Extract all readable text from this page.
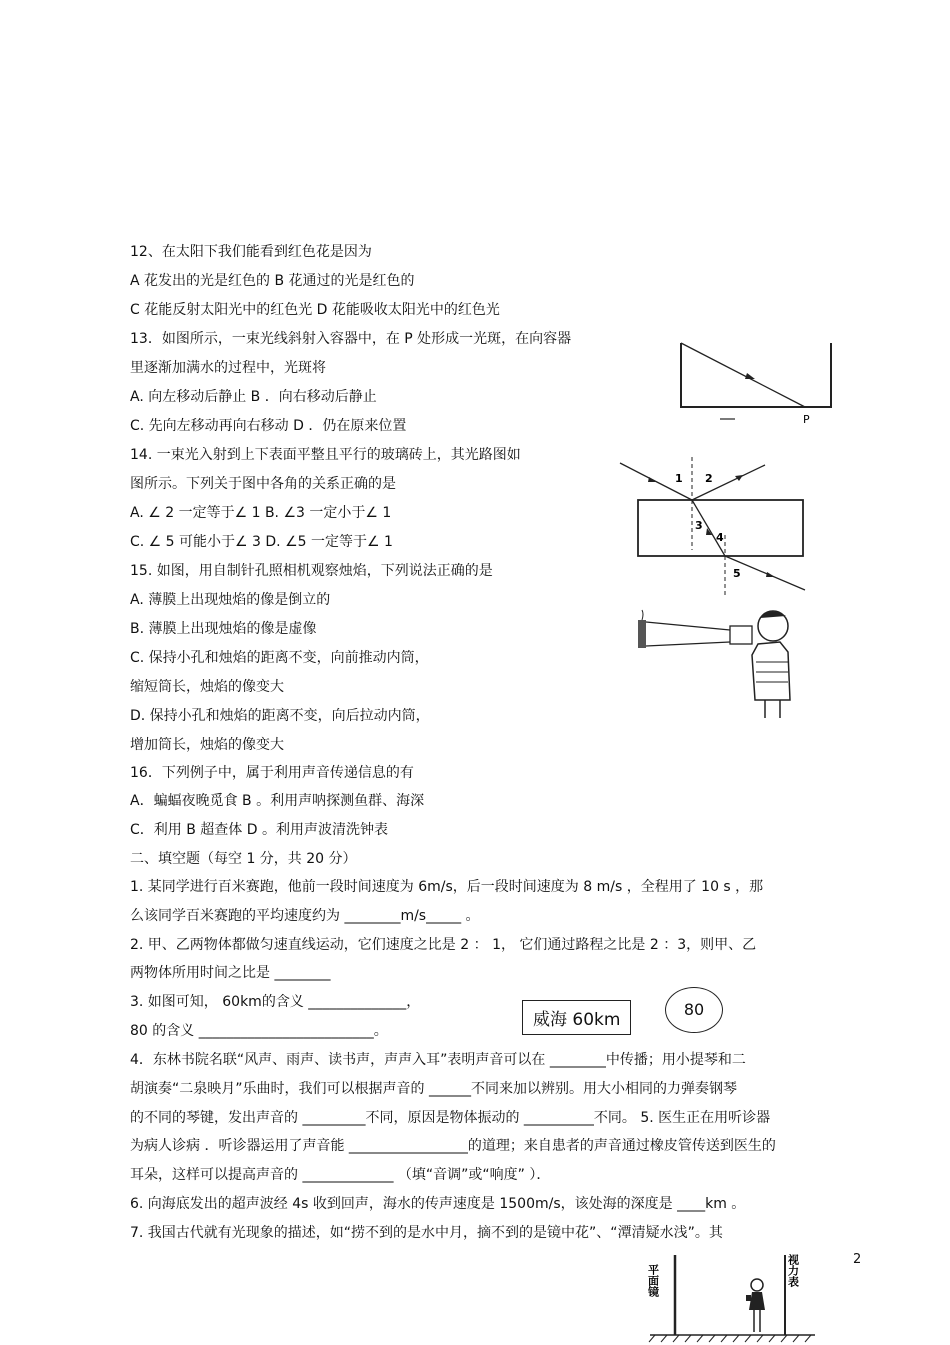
12、在太阳下我们能看到红色花是因为
A 花发出的光是红色的 B 花通过的光是红色的
C 花能反射太阳光中的红色光 D 花能吸收太阳光中的红色光
13．如图所示，一束光线斜射入容器中，在 P 处形成一光斑，在向容器
里逐渐加满水的过程中，光斑将
A. 向左移动后静止 B ．向右移动后静止
C. 先向左移动再向右移动 D ．仍在原来位置
14. 一束光入射到上下表面平整且平行的玻璃砖上，其光路图如
图所示。下列关于图中各角的关系正确的是
A. ∠ 2 一定等于∠ 1 B. ∠3 一定小于∠ 1
C. ∠ 5 可能小于∠ 3 D. ∠5 一定等于∠ 1
15. 如图，用自制针孔照相机观察烛焰，下列说法正确的是
A. 薄膜上出现烛焰的像是倒立的
B. 薄膜上出现烛焰的像是虚像
C. 保持小孔和烛焰的距离不变，向前推动内筒，
缩短筒长，烛焰的像变大
D. 保持小孔和烛焰的距离不变，向后拉动内筒，
增加筒长，烛焰的像变大
16．下列例子中，属于利用声音传递信息的有
A．蝙蝠夜晚觅食 B 。利用声呐探测鱼群、海深
C．利用 B 超查体 D 。利用声波清洗钟表
二、填空题（每空 1 分，共 20 分）
1. 某同学进行百米赛跑，他前一段时间速度为 6m/s，后一段时间速度为 8 m/s ，全程用了 10 s ，那
么该同学百米赛跑的平均速度约为 ________m/s_____ 。
2. 甲、乙两物体都做匀速直线运动，它们速度之比是 2 ： 1， 它们通过路程之比是 2 ：3，则甲、乙
两物体所用时间之比是 ________
3. 如图可知， 60km的含义 ______________，
80 的含义 _________________________。
4．东林书院名联“风声、雨声、读书声，声声入耳”表明声音可以在 ________中传播；用小提琴和二
胡演奏“二泉映月”乐曲时，我们可以根据声音的 ______不同来加以辨别。用大小相同的力弹奏钢琴
的不同的琴键，发出声音的 _________不同，原因是物体振动的 __________不同。 5. 医生正在用听诊器
为病人诊病 ．听诊器运用了声音能 _________________的道理；来自患者的声音通过橡皮管传送到医生的
耳朵，这样可以提高声音的 _____________ （填“音调”或“响度” ）．
6. 向海底发出的超声波经 4s 收到回声，海水的传声速度是 1500m/s，该处海的深度是 ____km 。
7. 我国古代就有光现象的描述，如“捞不到的是水中月，摘不到的是镜中花”、“潭清疑水浅”。其
P
1 2
3
4
5
威海 60km
80
2
平面镜	视力表
